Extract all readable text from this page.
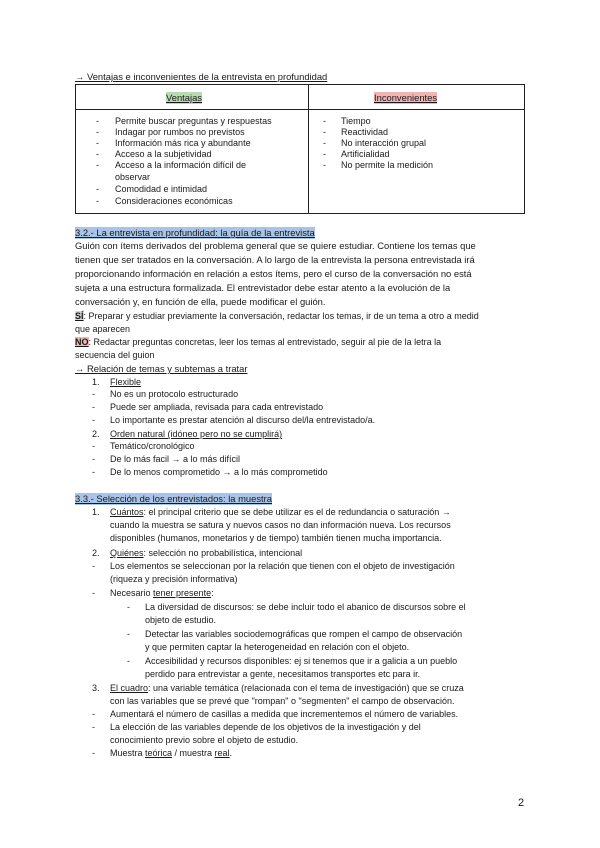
→ Ventajas e inconvenientes de la entrevista en profundidad
Ventajas	Inconvenientes
- Permite buscar preguntas y respuestas
- Indagar por rumbos no previstos
- Información más rica y abundante
- Acceso a la subjetividad
- Acceso a la información difícil de
observar
- Comodidad e intimidad
- Consideraciones económicas
- Tiempo
- Reactividad
- No interacción grupal
- Artificialidad
- No permite la medición
3.2.- La entrevista en profundidad: la guía de la entrevista
Guión con ítems derivados del problema general que se quiere estudiar. Contiene los temas que
tienen que ser tratados en la conversación. A lo largo de la entrevista la persona entrevistada irá
proporcionando información en relación a estos ítems, pero el curso de la conversación no está
sujeta a una estructura formalizada. El entrevistador debe estar atento a la evolución de la
conversación y, en función de ella, puede modificar el guión.
SÍ: Preparar y estudiar previamente la conversación, redactar los temas, ir de un tema a otro a medid
que aparecen
NO: Redactar preguntas concretas, leer los temas al entrevistado, seguir al pie de la letra la
secuencia del guion
→ Relación de temas y subtemas a tratar
1. Flexible
- No es un protocolo estructurado
- Puede ser ampliada, revisada para cada entrevistado
- Lo importante es prestar atención al discurso del/la entrevistado/a.
2. Orden natural (idóneo pero no se cumplirá)
- Temático/cronológico
- De lo más facil → a lo más difícil
- De lo menos comprometido → a lo más comprometido
3.3.- Selección de los entrevistados: la muestra
1. Cuántos: el principal criterio que se debe utilizar es el de redundancia o saturación →
cuando la muestra se satura y nuevos casos no dan información nueva. Los recursos
disponibles (humanos, monetarios y de tiempo) también tienen mucha importancia.
2. Quiénes: selección no probabilística, intencional
- Los elementos se seleccionan por la relación que tienen con el objeto de investigación
(riqueza y precisión informativa)
- Necesario tener presente:
- La diversidad de discursos: se debe incluir todo el abanico de discursos sobre el
objeto de estudio.
- Detectar las variables sociodemográficas que rompen el campo de observación
y que permiten captar la heterogeneidad en relación con el objeto.
- Accesibilidad y recursos disponibles: ej si tenemos que ir a galicia a un pueblo
perdido para entrevistar a gente, necesitamos transportes etc para ir.
3. El cuadro: una variable temática (relacionada con el tema de investigación) que se cruza
con las variables que se prevé que "rompan" o "segmenten" el campo de observación.
- Aumentará el número de casillas a medida que incrementemos el número de variables.
- La elección de las variables depende de los objetivos de la investigación y del
conocimiento previo sobre el objeto de estudio.
- Muestra teórica / muestra real.
2
